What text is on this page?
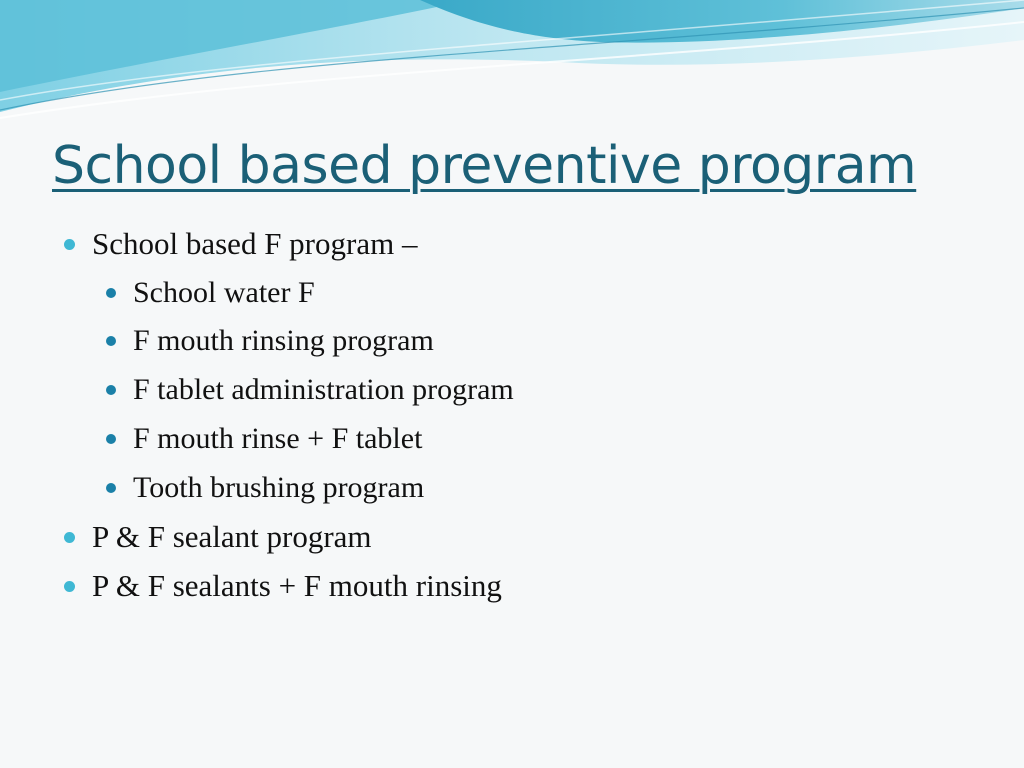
School based preventive program
School based F program –
School water F
F mouth rinsing program
F tablet administration program
F mouth rinse + F tablet
Tooth brushing program
P & F sealant program
P & F sealants + F mouth rinsing
